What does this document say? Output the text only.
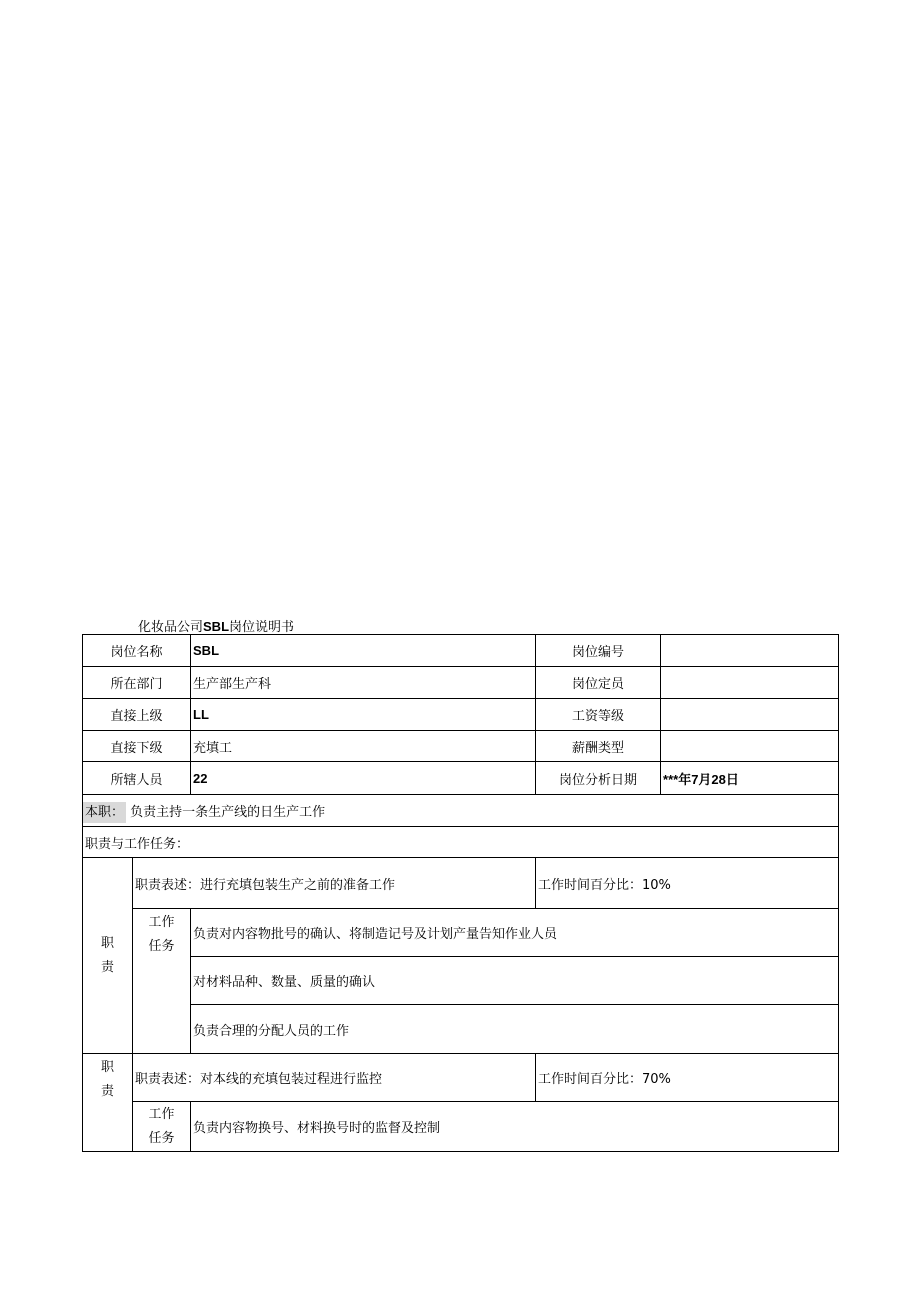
化妆品公司SBL岗位说明书
岗位名称		SBL	岗位编号	
所在部门		生产部生产科	岗位定员	
直接上级		LL	工资等级	
直接下级		充填工	薪酬类型	
所辖人员		22	岗位分析日期	***年7月28日
本职： 负责主持一条生产线的日生产工作				
职责与工作任务：				

职
责	职责表述：进行充填包装生产之前的准备工作		工作时间百分比：10%	

	工作
任务	负责对内容物批号的确认、将制造记号及计划产量告知作业人员		
		对材料品种、数量、质量的确认		
		负责合理的分配人员的工作		

职
责	职责表述：对本线的充填包装过程进行监控		工作时间百分比：70%	

	工作
任务	负责内容物换号、材料换号时的监督及控制		
